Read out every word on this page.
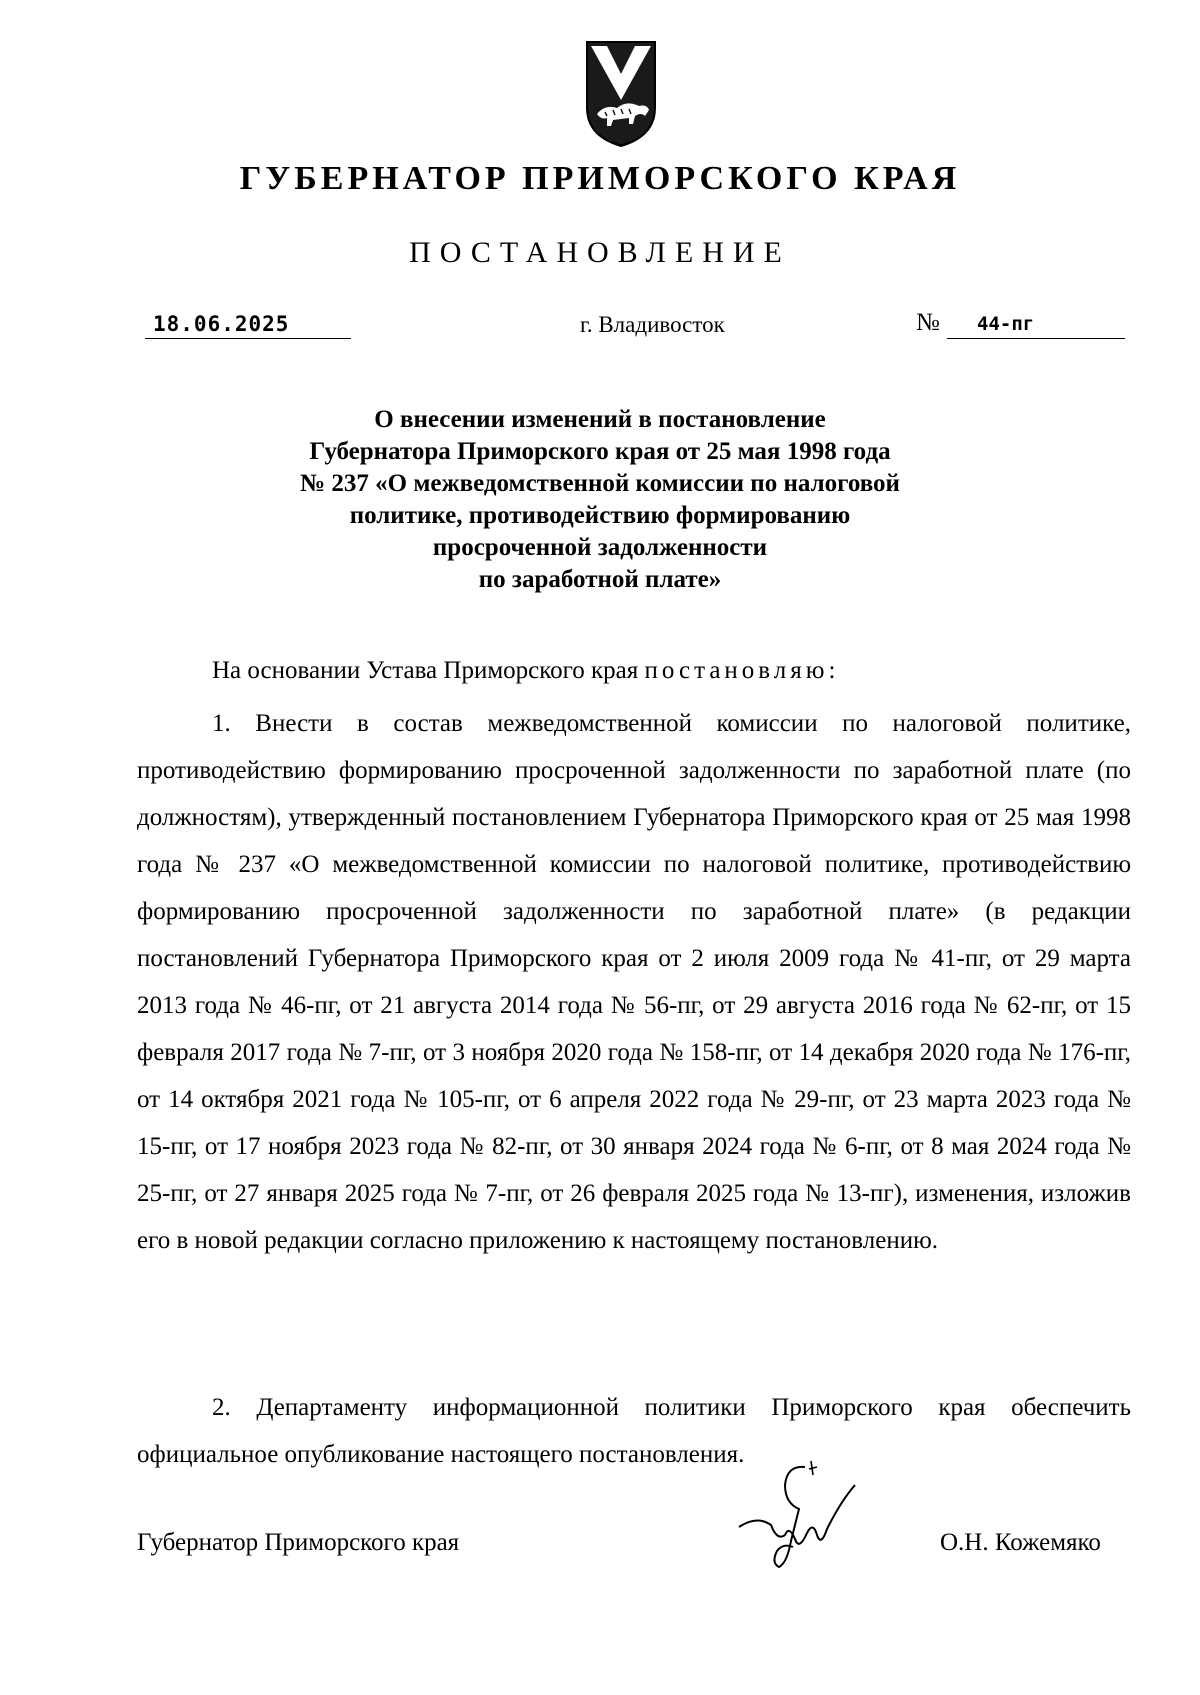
ГУБЕРНАТОР ПРИМОРСКОГО КРАЯ
ПОСТАНОВЛЕНИЕ
18.06.2025	г. Владивосток	№	44-пг
О внесении изменений в постановление
Губернатора Приморского края от 25 мая 1998 года
№ 237 «О межведомственной комиссии по налоговой
политике, противодействию формированию
просроченной задолженности
по заработной плате»
На основании Устава Приморского края постановляю:
1. Внести в состав межведомственной комиссии по налоговой политике, противодействию формированию просроченной задолженности по заработной плате (по должностям), утвержденный постановлением Губернатора Приморского края от 25 мая 1998 года № 237 «О межведомственной комиссии по налоговой политике, противодействию формированию просроченной задолженности по заработной плате» (в редакции постановлений Губернатора Приморского края от 2 июля 2009 года № 41-пг, от 29 марта 2013 года № 46-пг, от 21 августа 2014 года № 56-пг, от 29 августа 2016 года № 62-пг, от 15 февраля 2017 года № 7-пг, от 3 ноября 2020 года № 158-пг, от 14 декабря 2020 года № 176-пг, от 14 октября 2021 года № 105-пг, от 6 апреля 2022 года № 29-пг, от 23 марта 2023 года № 15-пг, от 17 ноября 2023 года № 82-пг, от 30 января 2024 года № 6-пг, от 8 мая 2024 года № 25-пг, от 27 января 2025 года № 7-пг, от 26 февраля 2025 года № 13-пг), изменения, изложив его в новой редакции согласно приложению к настоящему постановлению.
2. Департаменту информационной политики Приморского края обеспечить официальное опубликование настоящего постановления.
Губернатор Приморского края	О.Н. Кожемяко
